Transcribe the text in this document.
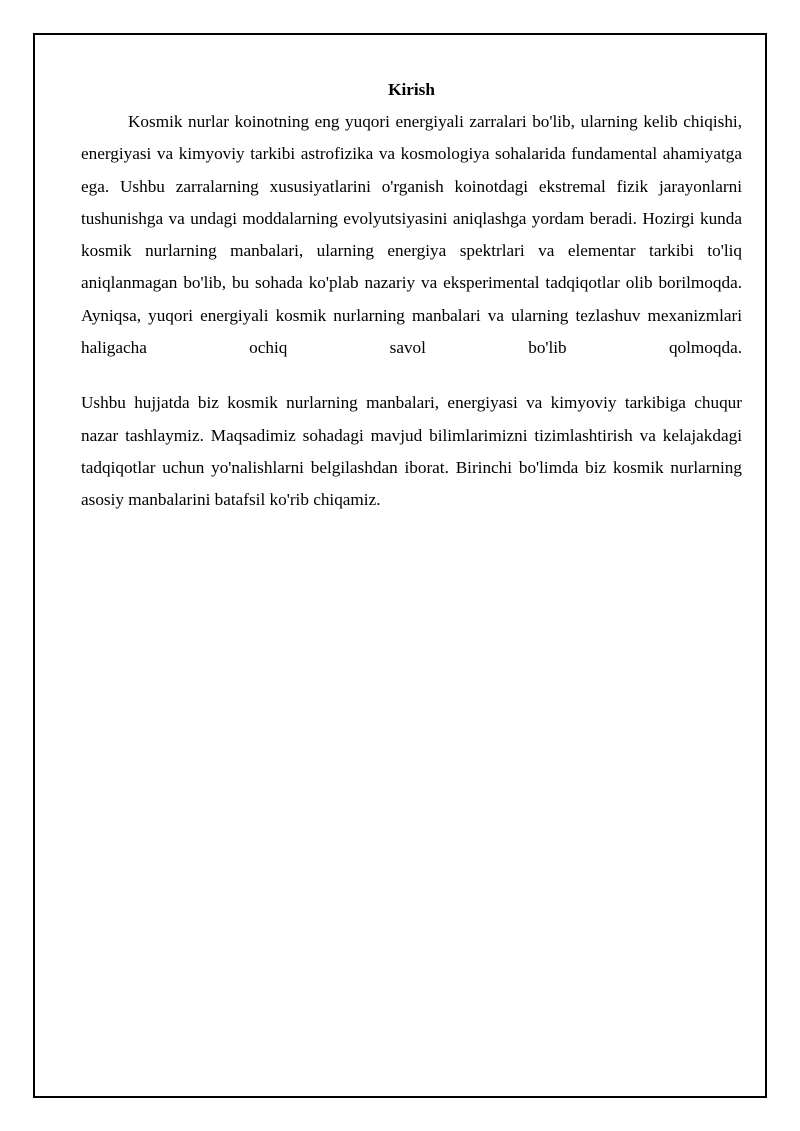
Kirish

Kosmik nurlar koinotning eng yuqori energiyali zarralari bo'lib, ularning kelib chiqishi, energiyasi va kimyoviy tarkibi astrofizika va kosmologiya sohalarida fundamental ahamiyatga ega. Ushbu zarralarning xususiyatlarini o'rganish koinotdagi ekstremal fizik jarayonlarni tushunishga va undagi moddalarning evolyutsiyasini aniqlashga yordam beradi. Hozirgi kunda kosmik nurlarning manbalari, ularning energiya spektrlari va elementar tarkibi to'liq aniqlanmagan bo'lib, bu sohada ko'plab nazariy va eksperimental tadqiqotlar olib borilmoqda. Ayniqsa, yuqori energiyali kosmik nurlarning manbalari va ularning tezlashuv mexanizmlari haligacha ochiq savol bo'lib qolmoqda.

Ushbu hujjatda biz kosmik nurlarning manbalari, energiyasi va kimyoviy tarkibiga chuqur nazar tashlaymiz. Maqsadimiz sohadagi mavjud bilimlarimizni tizimlashtirish va kelajakdagi tadqiqotlar uchun yo'nalishlarni belgilashdan iborat. Birinchi bo'limda biz kosmik nurlarning asosiy manbalarini batafsil ko'rib chiqamiz.
